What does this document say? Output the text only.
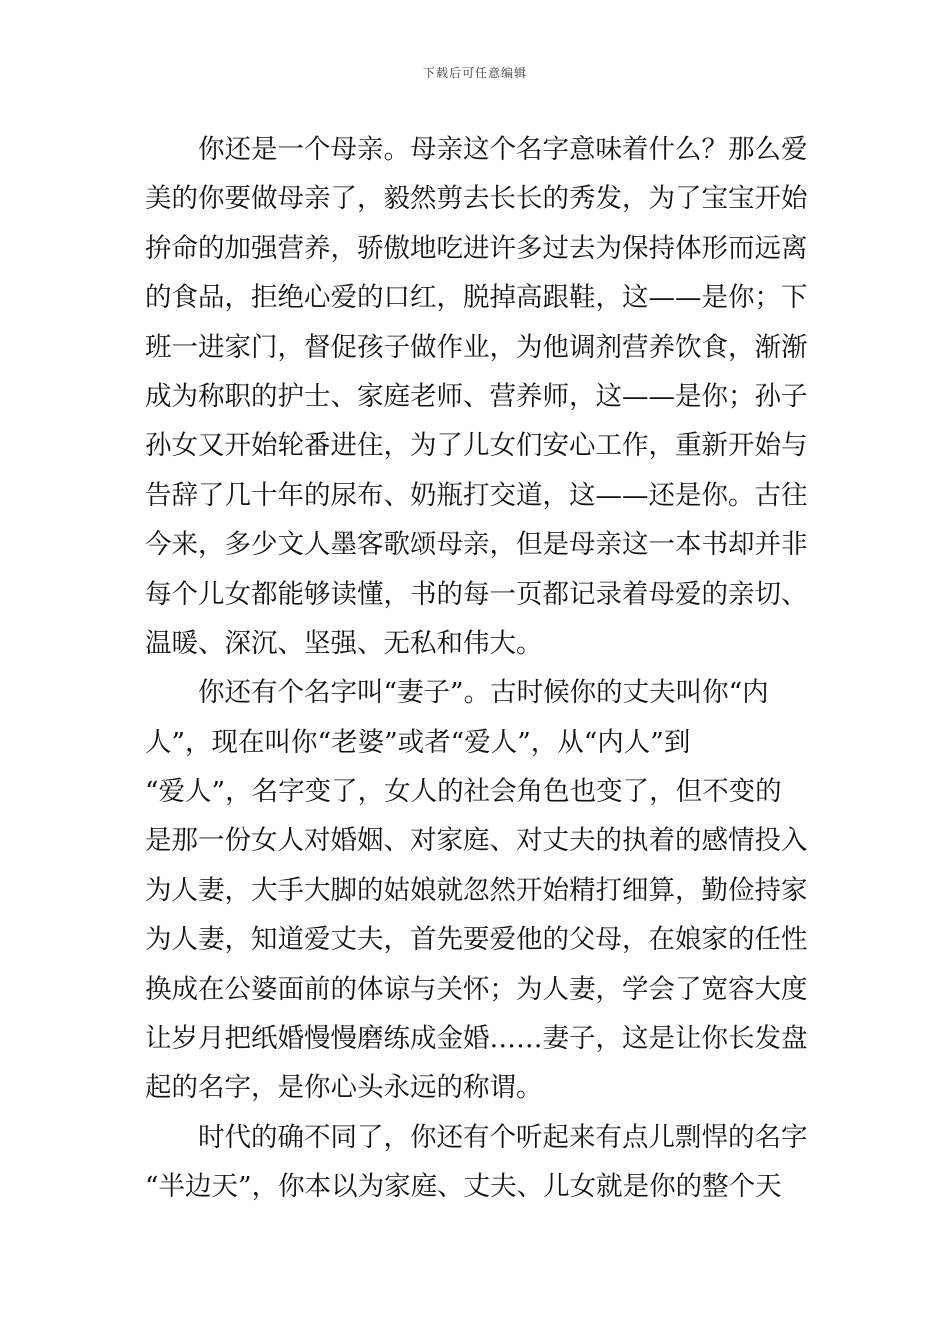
下载后可任意编辑
你还是一个母亲。母亲这个名字意味着什么？那么爱
美的你要做母亲了，毅然剪去长长的秀发，为了宝宝开始
拚命的加强营养，骄傲地吃进许多过去为保持体形而远离
的食品，拒绝心爱的口红，脱掉高跟鞋，这——是你；下
班一进家门，督促孩子做作业，为他调剂营养饮食，渐渐
成为称职的护士、家庭老师、营养师，这——是你；孙子
孙女又开始轮番进住，为了儿女们安心工作，重新开始与
告辞了几十年的尿布、奶瓶打交道，这——还是你。古往
今来，多少文人墨客歌颂母亲，但是母亲这一本书却并非
每个儿女都能够读懂，书的每一页都记录着母爱的亲切、
温暖、深沉、坚强、无私和伟大。
你还有个名字叫“妻子”。古时候你的丈夫叫你“内
人”，现在叫你“老婆”或者“爱人”，从“内人”到
“爱人”，名字变了，女人的社会角色也变了，但不变的
是那一份女人对婚姻、对家庭、对丈夫的执着的感情投入
为人妻，大手大脚的姑娘就忽然开始精打细算，勤俭持家
为人妻，知道爱丈夫，首先要爱他的父母，在娘家的任性
换成在公婆面前的体谅与关怀；为人妻，学会了宽容大度
让岁月把纸婚慢慢磨练成金婚……妻子，这是让你长发盘
起的名字，是你心头永远的称谓。
时代的确不同了，你还有个听起来有点儿剽悍的名字
“半边天”，你本以为家庭、丈夫、儿女就是你的整个天
